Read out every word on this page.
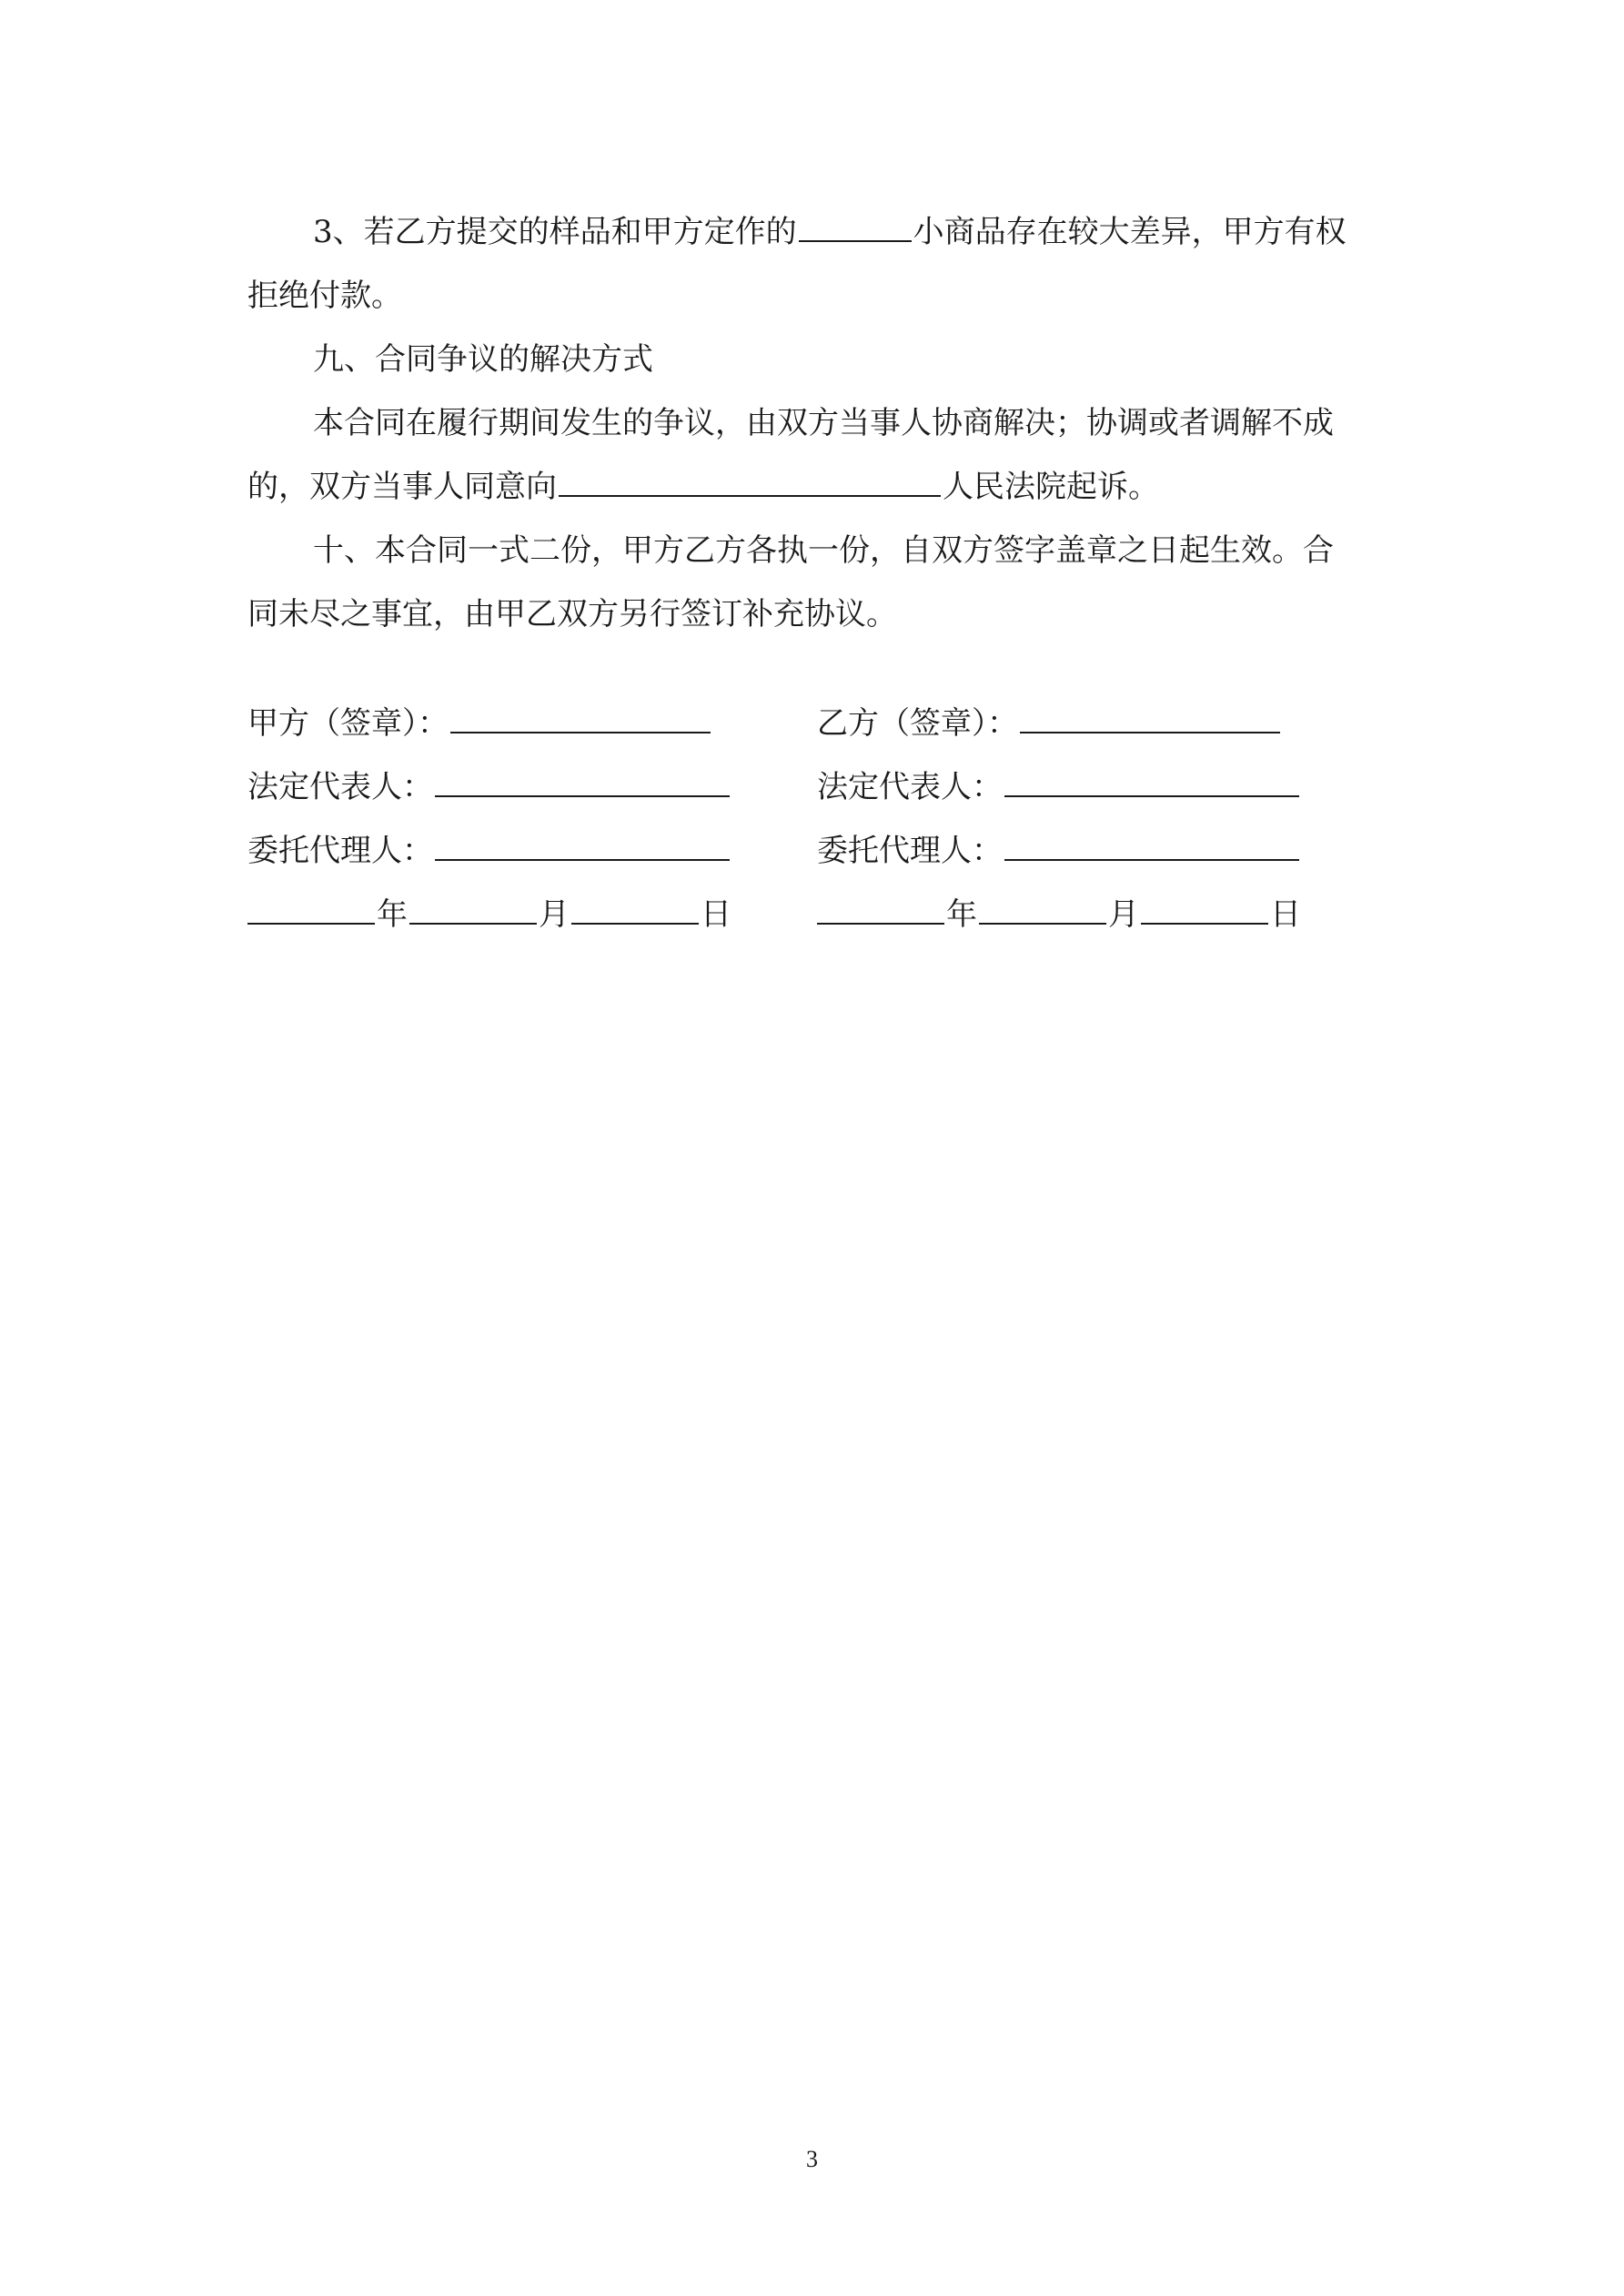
3、若乙方提交的样品和甲方定作的	小商品存在较大差异，甲方有权
拒绝付款。
九、合同争议的解决方式
本合同在履行期间发生的争议，由双方当事人协商解决；协调或者调解不成
的，双方当事人同意向	人民法院起诉。
十、本合同一式二份，甲方乙方各执一份，自双方签字盖章之日起生效。合
同未尽之事宜，由甲乙双方另行签订补充协议。
甲方（签章）：
法定代表人：
委托代理人：
年	月	日
乙方（签章）：
法定代表人：
委托代理人：
年	月	日
3
